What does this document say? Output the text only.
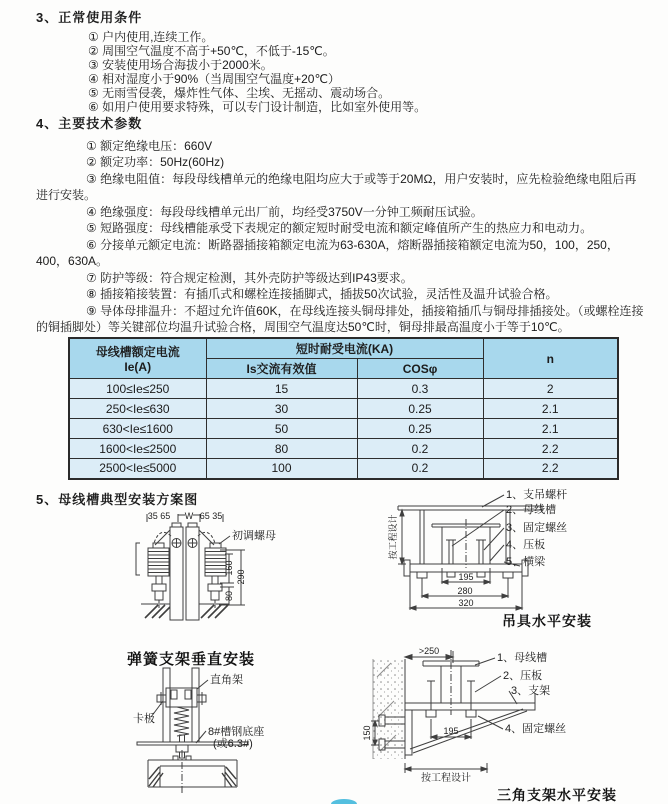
3、正常使用条件
① 户内使用,连续工作。
② 周围空气温度不高于+50℃，不低于-15℃。
③ 安装使用场合海拔小于2000米。
④ 相对湿度小于90%（当周围空气温度+20℃）
⑤ 无雨雪侵袭，爆炸性气体、尘埃、无摇动、震动场合。
⑥ 如用户使用要求特殊，可以专门设计制造，比如室外使用等。
4、主要技术参数
① 额定绝缘电压：660V
② 额定功率：50Hz(60Hz)
③ 绝缘电阻值：每段母线槽单元的绝缘电阻均应大于或等于20MΩ，用户安装时，应先检验绝缘电阻后再进行安装。
④ 绝缘强度：每段母线槽单元出厂前，均经受3750V一分钟工频耐压试验。
⑤ 短路强度：母线槽能承受下表规定的额定短时耐受电流和额定峰值所产生的热应力和电动力。
⑥ 分接单元额定电流：断路器插接箱额定电流为63-630A，熔断器插接箱额定电流为50，100，250，400，630A。
⑦ 防护等级：符合规定检测，其外壳防护等级达到IP43要求。
⑧ 插接箱接装置：有插爪式和螺栓连接插脚式，插拔50次试验，灵活性及温升试验合格。
⑨ 导体母排温升：不超过允许值60K，在母线连接头铜母排处，插接箱插爪与铜母排插接处。（或螺栓连接的铜插脚处）等关键部位均温升试验合格，周围空气温度达50℃时，铜母排最高温度小于等于10℃。
母线槽额定电流
Ie(A)	短时耐受电流(KA)		n
	Is交流有效值	COSφ	
100≤Ie≤250	15	0.3	2
250<Ie≤630	30	0.25	2.1
630<Ie≤1600	50	0.25	2.1
1600<Ie≤2500	80	0.2	2.2
2500<Ie≤5000	100	0.2	2.2
5、母线槽典型安装方案图
35 65 W 65 35
160
290
80
初调螺母
弹簧支架垂直安装
直角架
卡板
8#槽钢底座
(或6.3#)
1、支吊螺杆
2、母线槽
3、固定螺丝
4、压板
5、横梁
195
280
320
按工程设计
吊具水平安装
>250
195
150
按工程设计
1、母线槽
2、压板
3、支架
4、固定螺丝
三角支架水平安装
